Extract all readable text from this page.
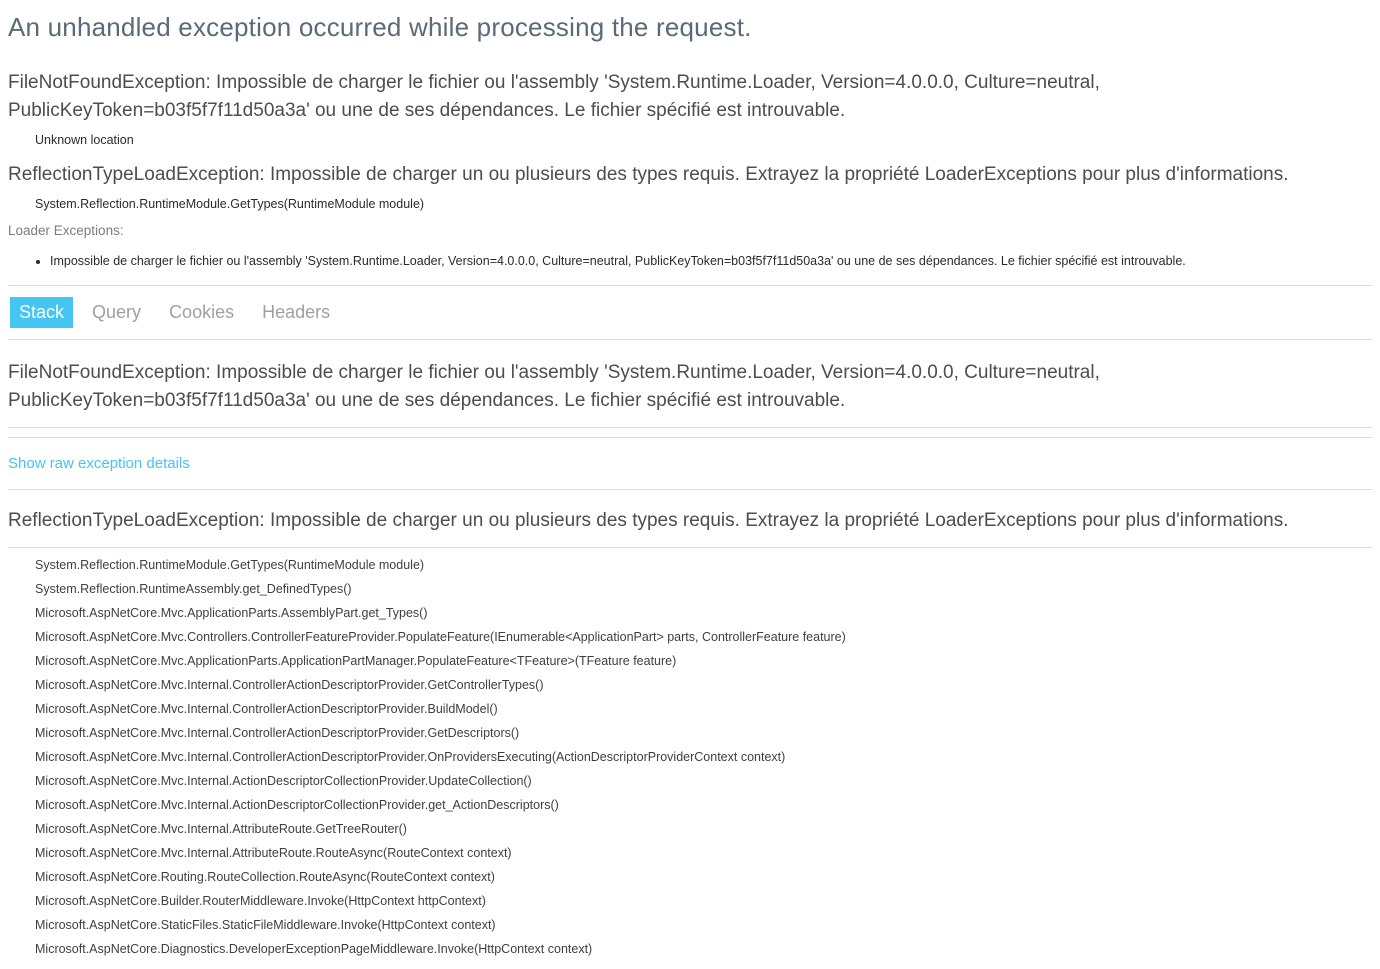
An unhandled exception occurred while processing the request.
FileNotFoundException: Impossible de charger le fichier ou l'assembly 'System.Runtime.Loader, Version=4.0.0.0, Culture=neutral, PublicKeyToken=b03f5f7f11d50a3a' ou une de ses dépendances. Le fichier spécifié est introuvable.

Unknown location

ReflectionTypeLoadException: Impossible de charger un ou plusieurs des types requis. Extrayez la propriété LoaderExceptions pour plus d'informations.

System.Reflection.RuntimeModule.GetTypes(RuntimeModule module)

Loader Exceptions:
• Impossible de charger le fichier ou l'assembly 'System.Runtime.Loader, Version=4.0.0.0, Culture=neutral, PublicKeyToken=b03f5f7f11d50a3a' ou une de ses dépendances. Le fichier spécifié est introuvable.
Stack Query Cookies Headers
FileNotFoundException: Impossible de charger le fichier ou l'assembly 'System.Runtime.Loader, Version=4.0.0.0, Culture=neutral, PublicKeyToken=b03f5f7f11d50a3a' ou une de ses dépendances. Le fichier spécifié est introuvable.
Show raw exception details
ReflectionTypeLoadException: Impossible de charger un ou plusieurs des types requis. Extrayez la propriété LoaderExceptions pour plus d'informations.
System.Reflection.RuntimeModule.GetTypes(RuntimeModule module)
System.Reflection.RuntimeAssembly.get_DefinedTypes()
Microsoft.AspNetCore.Mvc.ApplicationParts.AssemblyPart.get_Types()
Microsoft.AspNetCore.Mvc.Controllers.ControllerFeatureProvider.PopulateFeature(IEnumerable<ApplicationPart> parts, ControllerFeature feature)
Microsoft.AspNetCore.Mvc.ApplicationParts.ApplicationPartManager.PopulateFeature<TFeature>(TFeature feature)
Microsoft.AspNetCore.Mvc.Internal.ControllerActionDescriptorProvider.GetControllerTypes()
Microsoft.AspNetCore.Mvc.Internal.ControllerActionDescriptorProvider.BuildModel()
Microsoft.AspNetCore.Mvc.Internal.ControllerActionDescriptorProvider.GetDescriptors()
Microsoft.AspNetCore.Mvc.Internal.ControllerActionDescriptorProvider.OnProvidersExecuting(ActionDescriptorProviderContext context)
Microsoft.AspNetCore.Mvc.Internal.ActionDescriptorCollectionProvider.UpdateCollection()
Microsoft.AspNetCore.Mvc.Internal.ActionDescriptorCollectionProvider.get_ActionDescriptors()
Microsoft.AspNetCore.Mvc.Internal.AttributeRoute.GetTreeRouter()
Microsoft.AspNetCore.Mvc.Internal.AttributeRoute.RouteAsync(RouteContext context)
Microsoft.AspNetCore.Routing.RouteCollection.RouteAsync(RouteContext context)
Microsoft.AspNetCore.Builder.RouterMiddleware.Invoke(HttpContext httpContext)
Microsoft.AspNetCore.StaticFiles.StaticFileMiddleware.Invoke(HttpContext context)
Microsoft.AspNetCore.Diagnostics.DeveloperExceptionPageMiddleware.Invoke(HttpContext context)
